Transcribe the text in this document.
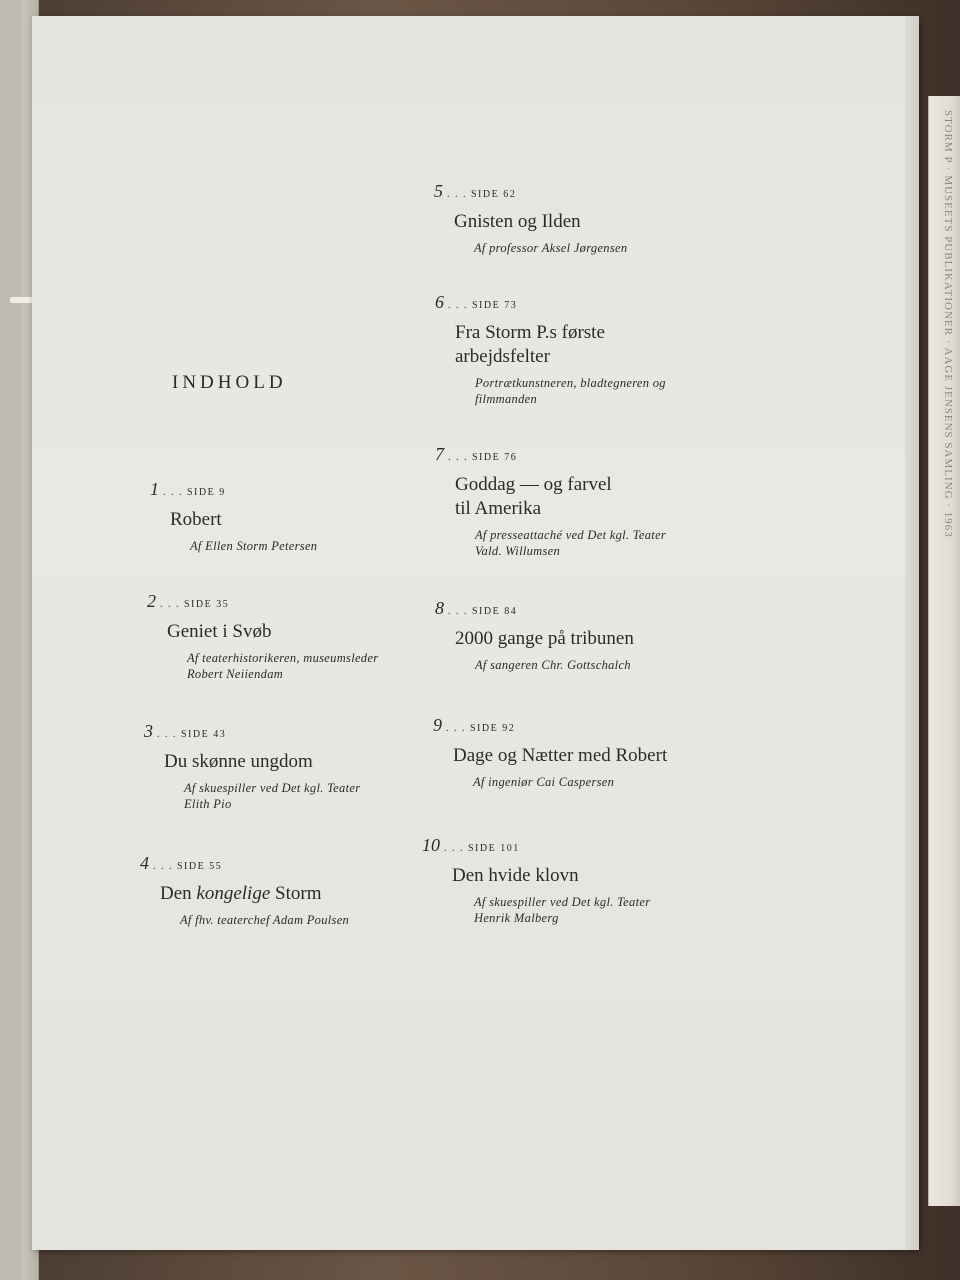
STORM P · MUSEETS PUBLIKATIONER · AAGE JENSENS SAMLING · 1963
INDHOLD
1 . . . SIDE 9
Robert
Af Ellen Storm Petersen
2 . . . SIDE 35
Geniet i Svøb
Af teaterhistorikeren, museumsleder
Robert Neiiendam
3 . . . SIDE 43
Du skønne ungdom
Af skuespiller ved Det kgl. Teater
Elith Pio
4 . . . SIDE 55
Den kongelige Storm
Af fhv. teaterchef Adam Poulsen
5 . . . SIDE 62
Gnisten og Ilden
Af professor Aksel Jørgensen
6 . . . SIDE 73
Fra Storm P.s første
arbejdsfelter
Portrætkunstneren, bladtegneren og
filmmanden
7 . . . SIDE 76
Goddag — og farvel
til Amerika
Af presseattaché ved Det kgl. Teater
Vald. Willumsen
8 . . . SIDE 84
2000 gange på tribunen
Af sangeren Chr. Gottschalch
9 . . . SIDE 92
Dage og Nætter med Robert
Af ingeniør Cai Caspersen
10 . . . SIDE 101
Den hvide klovn
Af skuespiller ved Det kgl. Teater
Henrik Malberg
